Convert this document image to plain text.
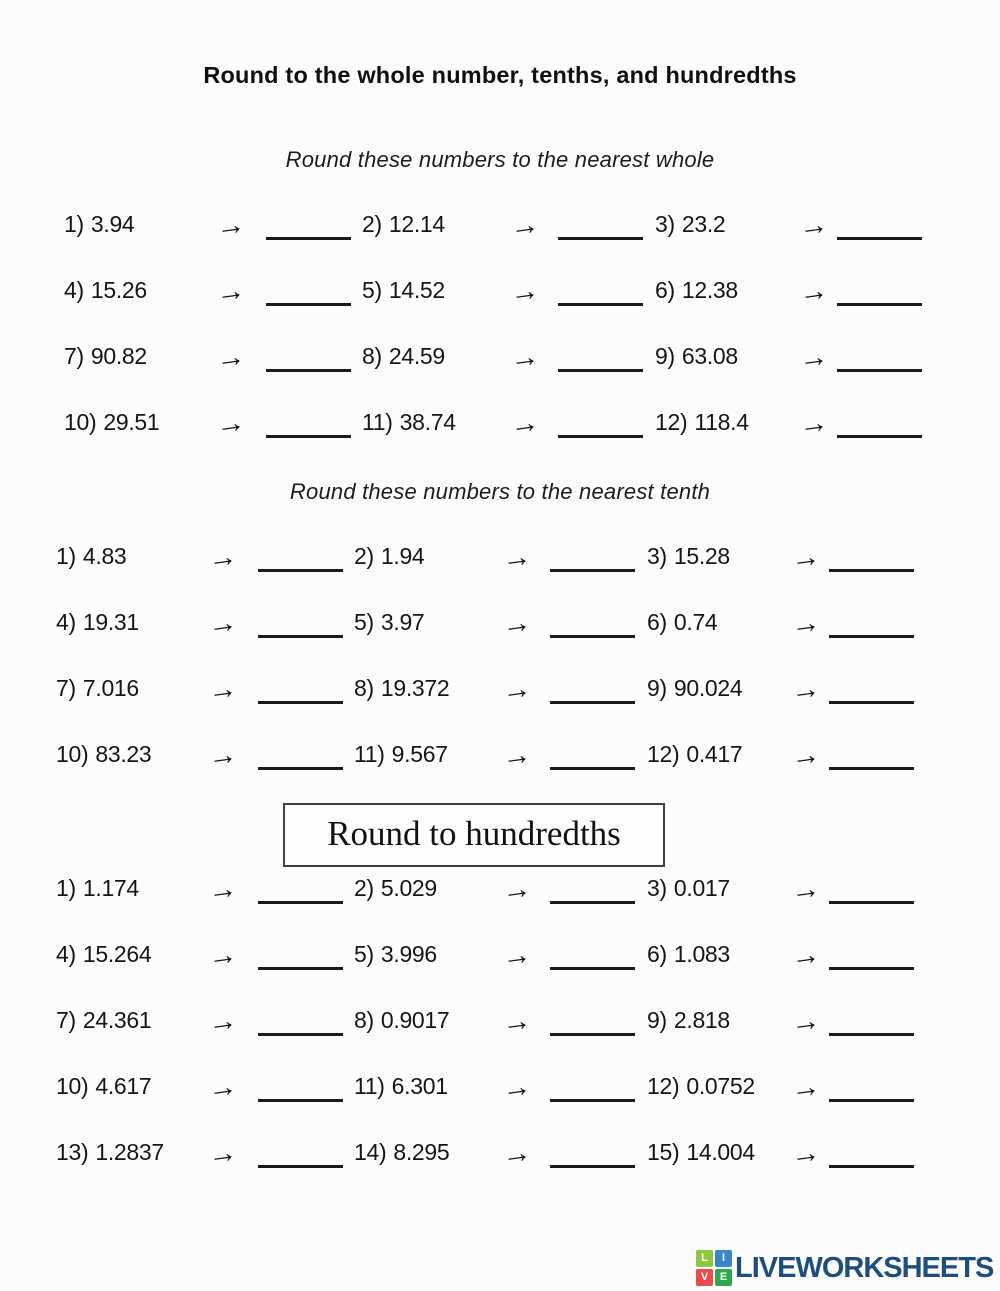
Round to the whole number, tenths, and hundredths
Round these numbers to the nearest whole
1) 3.94	→	2) 12.14	→	3) 23.2	→
4) 15.26	→	5) 14.52	→	6) 12.38	→
7) 90.82	→	8) 24.59	→	9) 63.08	→
10) 29.51	→	11) 38.74	→	12) 118.4	→
Round these numbers to the nearest tenth
1) 4.83	→	2) 1.94	→	3) 15.28	→
4) 19.31	→	5) 3.97	→	6) 0.74	→
7) 7.016	→	8) 19.372	→	9) 90.024	→
10) 83.23	→	11) 9.567	→	12) 0.417	→
Round to hundredths
1) 1.174	→	2) 5.029	→	3) 0.017	→
4) 15.264	→	5) 3.996	→	6) 1.083	→
7) 24.361	→	8) 0.9017	→	9) 2.818	→
10) 4.617	→	11) 6.301	→	12) 0.0752	→
13) 1.2837	→	14) 8.295	→	15) 14.004	→
L	I
V	E LIVEWORKSHEETS
